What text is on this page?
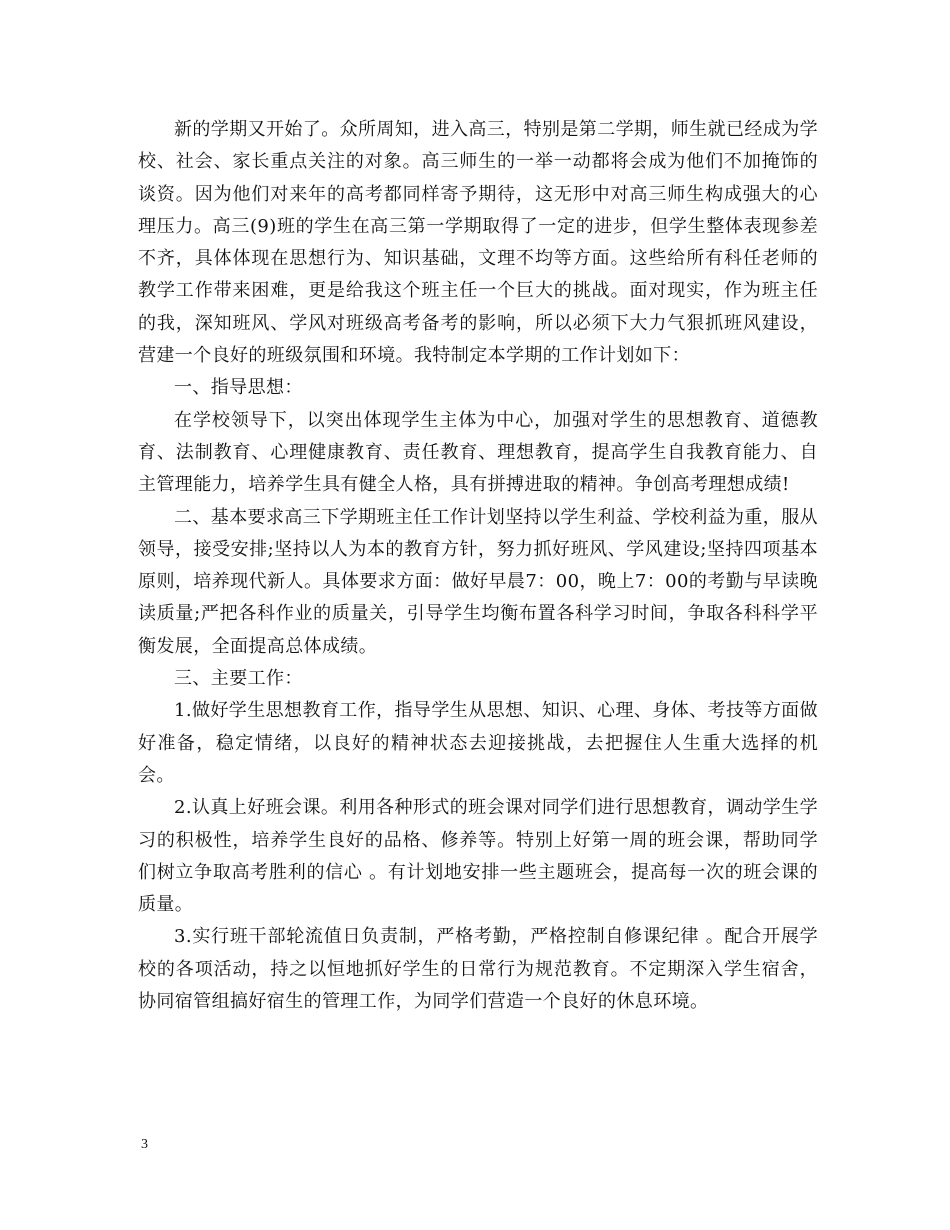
新的学期又开始了。众所周知，进入高三，特别是第二学期，师生就已经成为学校、社会、家长重点关注的对象。高三师生的一举一动都将会成为他们不加掩饰的谈资。因为他们对来年的高考都同样寄予期待，这无形中对高三师生构成强大的心理压力。高三(9)班的学生在高三第一学期取得了一定的进步，但学生整体表现参差不齐，具体体现在思想行为、知识基础，文理不均等方面。这些给所有科任老师的教学工作带来困难，更是给我这个班主任一个巨大的挑战。面对现实，作为班主任的我，深知班风、学风对班级高考备考的影响，所以必须下大力气狠抓班风建设，营建一个良好的班级氛围和环境。我特制定本学期的工作计划如下：

一、指导思想：

在学校领导下，以突出体现学生主体为中心，加强对学生的思想教育、道德教育、法制教育、心理健康教育、责任教育、理想教育，提高学生自我教育能力、自主管理能力，培养学生具有健全人格，具有拼搏进取的精神。争创高考理想成绩!

二、基本要求高三下学期班主任工作计划坚持以学生利益、学校利益为重，服从领导，接受安排;坚持以人为本的教育方针，努力抓好班风、学风建设;坚持四项基本原则，培养现代新人。具体要求方面：做好早晨7：00，晚上7：00的考勤与早读晚读质量;严把各科作业的质量关，引导学生均衡布置各科学习时间，争取各科科学平衡发展，全面提高总体成绩。

三、主要工作：

1.做好学生思想教育工作，指导学生从思想、知识、心理、身体、考技等方面做好准备，稳定情绪，以良好的精神状态去迎接挑战，去把握住人生重大选择的机会。

2.认真上好班会课。利用各种形式的班会课对同学们进行思想教育，调动学生学习的积极性，培养学生良好的品格、修养等。特别上好第一周的班会课，帮助同学们树立争取高考胜利的信心 。有计划地安排一些主题班会，提高每一次的班会课的质量。

3.实行班干部轮流值日负责制，严格考勤，严格控制自修课纪律 。配合开展学校的各项活动，持之以恒地抓好学生的日常行为规范教育。不定期深入学生宿舍，协同宿管组搞好宿生的管理工作，为同学们营造一个良好的休息环境。

3
